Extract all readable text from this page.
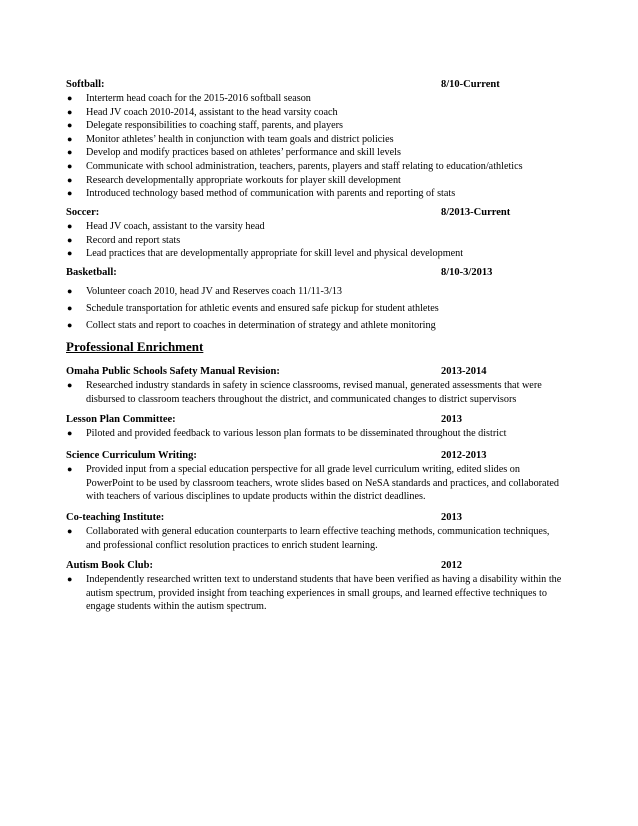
Softball:	8/10-Current
● Interterm head coach for the 2015-2016 softball season
● Head JV coach 2010-2014, assistant to the head varsity coach
● Delegate responsibilities to coaching staff, parents, and players
● Monitor athletes’ health in conjunction with team goals and district policies
● Develop and modify practices based on athletes’ performance and skill levels
● Communicate with school administration, teachers, parents, players and staff relating to education/athletics
● Research developmentally appropriate workouts for player skill development
● Introduced technology based method of communication with parents and reporting of stats
Soccer:	8/2013-Current
● Head JV coach, assistant to the varsity head
● Record and report stats
● Lead practices that are developmentally appropriate for skill level and physical development
Basketball:	8/10-3/2013
● Volunteer coach 2010, head JV and Reserves coach 11/11-3/13
● Schedule transportation for athletic events and ensured safe pickup for student athletes
● Collect stats and report to coaches in determination of strategy and athlete monitoring
Professional Enrichment
Omaha Public Schools Safety Manual Revision:	2013-2014
● Researched industry standards in safety in science classrooms, revised manual, generated assessments that were disbursed to classroom teachers throughout the district, and communicated changes to district supervisors
Lesson Plan Committee:	2013
● Piloted and provided feedback to various lesson plan formats to be disseminated throughout the district
Science Curriculum Writing:	2012-2013
● Provided input from a special education perspective for all grade level curriculum writing, edited slides on PowerPoint to be used by classroom teachers, wrote slides based on NeSA standards and practices, and collaborated with teachers of various disciplines to update products within the district deadlines.
Co-teaching Institute:	2013
● Collaborated with general education counterparts to learn effective teaching methods, communication techniques, and professional conflict resolution practices to enrich student learning.
Autism Book Club:	2012
● Independently researched written text to understand students that have been verified as having a disability within the autism spectrum, provided insight from teaching experiences in small groups, and learned effective techniques to engage students within the autism spectrum.
